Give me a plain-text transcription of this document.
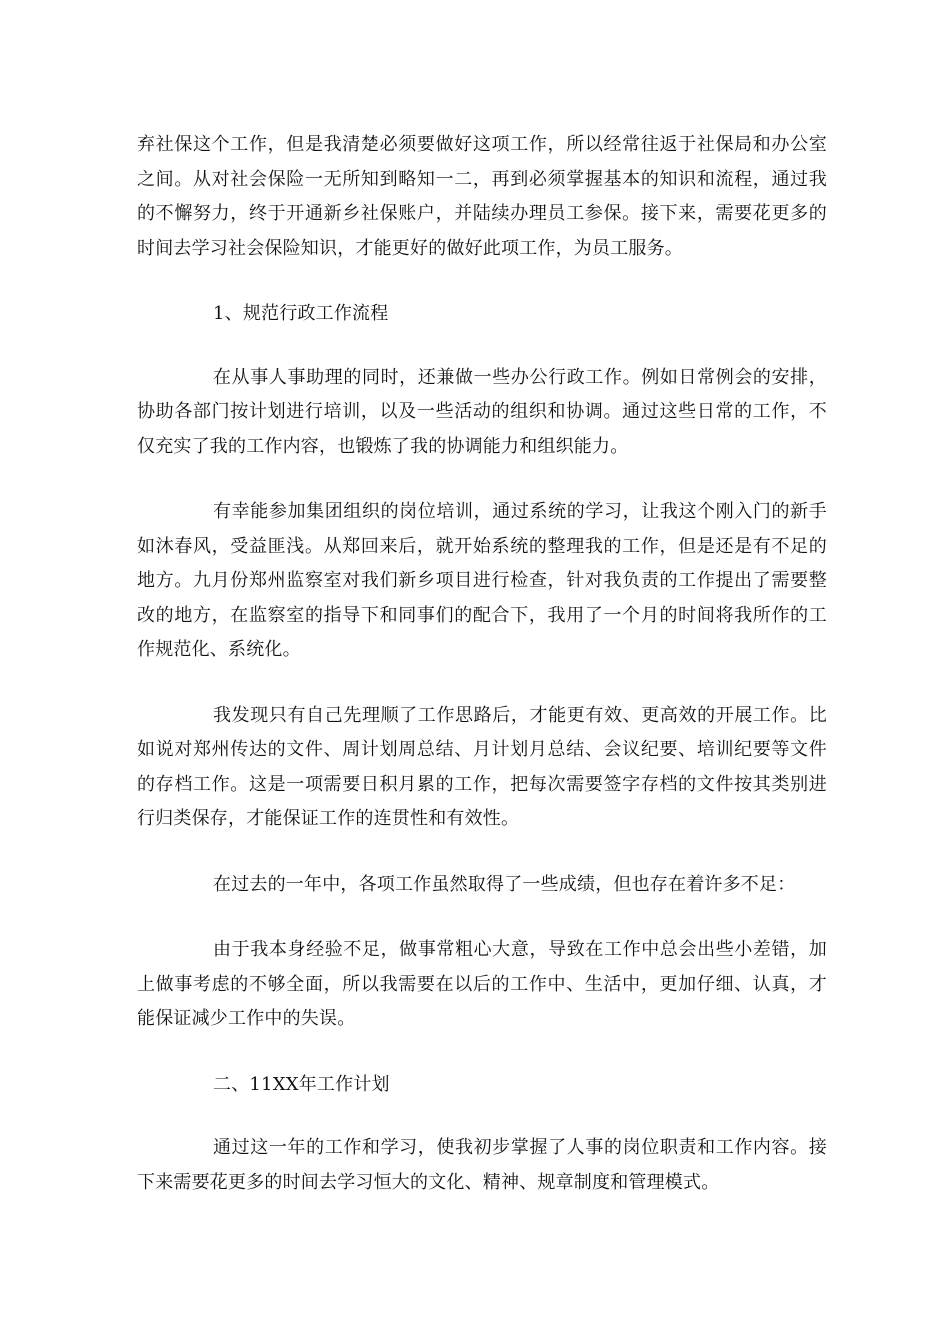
弃社保这个工作，但是我清楚必须要做好这项工作，所以经常往返于社保局和办公室之间。从对社会保险一无所知到略知一二，再到必须掌握基本的知识和流程，通过我的不懈努力，终于开通新乡社保账户，并陆续办理员工参保。接下来，需要花更多的时间去学习社会保险知识，才能更好的做好此项工作，为员工服务。

1、规范行政工作流程

在从事人事助理的同时，还兼做一些办公行政工作。例如日常例会的安排，协助各部门按计划进行培训，以及一些活动的组织和协调。通过这些日常的工作，不仅充实了我的工作内容，也锻炼了我的协调能力和组织能力。

有幸能参加集团组织的岗位培训，通过系统的学习，让我这个刚入门的新手如沐春风，受益匪浅。从郑回来后，就开始系统的整理我的工作，但是还是有不足的地方。九月份郑州监察室对我们新乡项目进行检查，针对我负责的工作提出了需要整改的地方，在监察室的指导下和同事们的配合下，我用了一个月的时间将我所作的工作规范化、系统化。

我发现只有自己先理顺了工作思路后，才能更有效、更高效的开展工作。比如说对郑州传达的文件、周计划周总结、月计划月总结、会议纪要、培训纪要等文件的存档工作。这是一项需要日积月累的工作，把每次需要签字存档的文件按其类别进行归类保存，才能保证工作的连贯性和有效性。

在过去的一年中，各项工作虽然取得了一些成绩，但也存在着许多不足：

由于我本身经验不足，做事常粗心大意，导致在工作中总会出些小差错，加上做事考虑的不够全面，所以我需要在以后的工作中、生活中，更加仔细、认真，才能保证减少工作中的失误。

二、11XX年工作计划

通过这一年的工作和学习，使我初步掌握了人事的岗位职责和工作内容。接下来需要花更多的时间去学习恒大的文化、精神、规章制度和管理模式。
